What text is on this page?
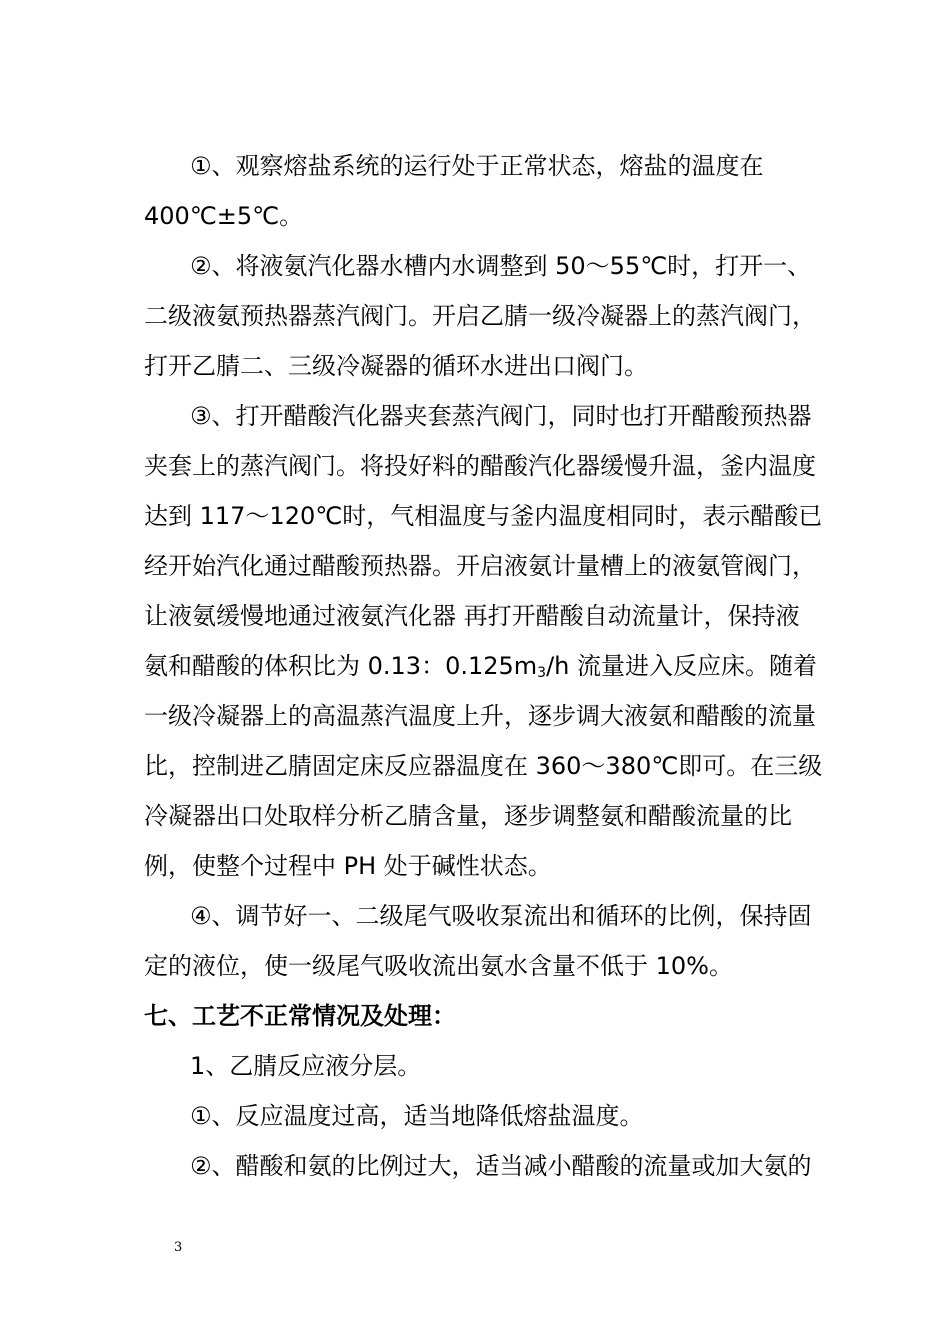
①、观察熔盐系统的运行处于正常状态，熔盐的温度在
400℃±5℃。
②、将液氨汽化器水槽内水调整到 50～55℃时，打开一、
二级液氨预热器蒸汽阀门。开启乙腈一级冷凝器上的蒸汽阀门，
打开乙腈二、三级冷凝器的循环水进出口阀门。
③、打开醋酸汽化器夹套蒸汽阀门，同时也打开醋酸预热器
夹套上的蒸汽阀门。将投好料的醋酸汽化器缓慢升温，釜内温度
达到 117～120℃时，气相温度与釜内温度相同时，表示醋酸已
经开始汽化通过醋酸预热器。开启液氨计量槽上的液氨管阀门，
让液氨缓慢地通过液氨汽化器 再打开醋酸自动流量计，保持液
氨和醋酸的体积比为 0.13：$0.125m_3/h$ 流量进入反应床。随着
一级冷凝器上的高温蒸汽温度上升，逐步调大液氨和醋酸的流量
比，控制进乙腈固定床反应器温度在 360～380℃即可。在三级
冷凝器出口处取样分析乙腈含量，逐步调整氨和醋酸流量的比
例，使整个过程中 PH 处于碱性状态。
④、调节好一、二级尾气吸收泵流出和循环的比例，保持固
定的液位，使一级尾气吸收流出氨水含量不低于 10%。
七、工艺不正常情况及处理：
1、乙腈反应液分层。
①、反应温度过高，适当地降低熔盐温度。
②、醋酸和氨的比例过大，适当减小醋酸的流量或加大氨的
3
